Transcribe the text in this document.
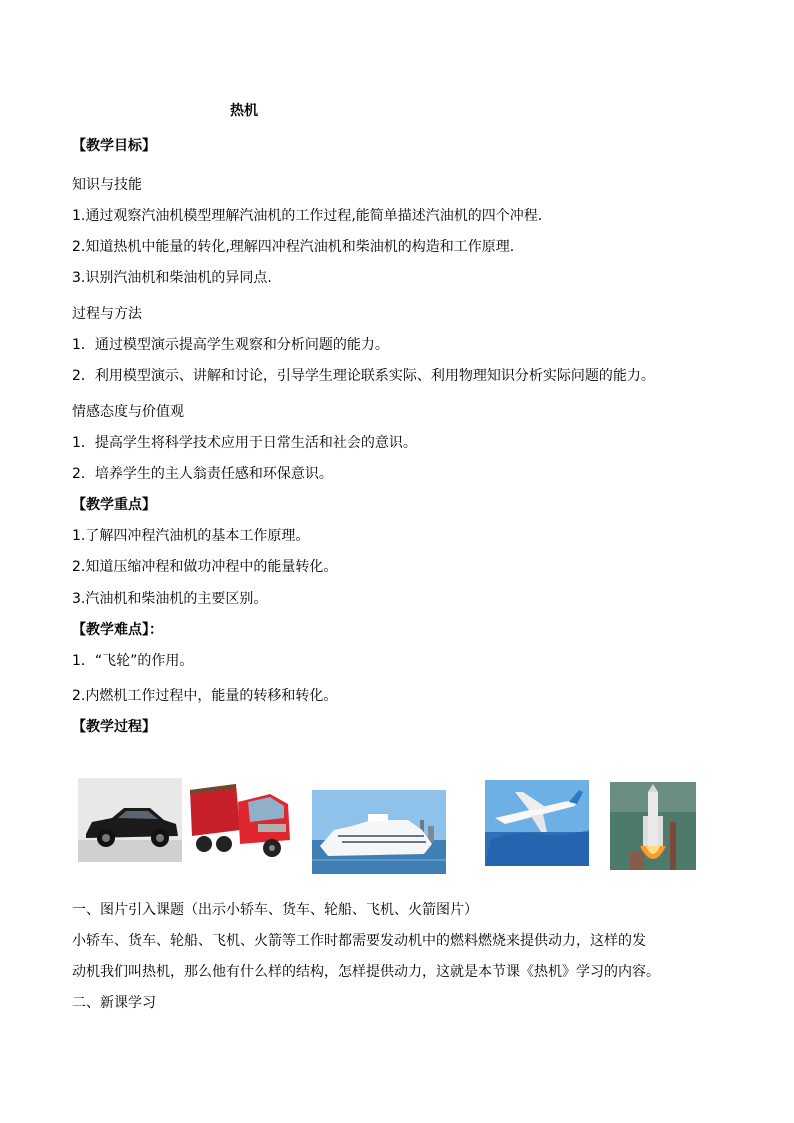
热机
【教学目标】
知识与技能
1.通过观察汽油机模型理解汽油机的工作过程,能简单描述汽油机的四个冲程.
2.知道热机中能量的转化,理解四冲程汽油机和柴油机的构造和工作原理.
3.识别汽油机和柴油机的异同点.
过程与方法
1．通过模型演示提高学生观察和分析问题的能力。
2．利用模型演示、讲解和讨论，引导学生理论联系实际、利用物理知识分析实际问题的能力。
情感态度与价值观
1．提高学生将科学技术应用于日常生活和社会的意识。
2．培养学生的主人翁责任感和环保意识。
【教学重点】
1.了解四冲程汽油机的基本工作原理。
2.知道压缩冲程和做功冲程中的能量转化。
3.汽油机和柴油机的主要区别。
【教学难点】：
1．“飞轮”的作用。
2.内燃机工作过程中，能量的转移和转化。
【教学过程】
一、图片引入课题（出示小轿车、货车、轮船、飞机、火箭图片）
小轿车、货车、轮船、飞机、火箭等工作时都需要发动机中的燃料燃烧来提供动力，这样的发
动机我们叫热机，那么他有什么样的结构，怎样提供动力，这就是本节课《热机》学习的内容。
二、新课学习
